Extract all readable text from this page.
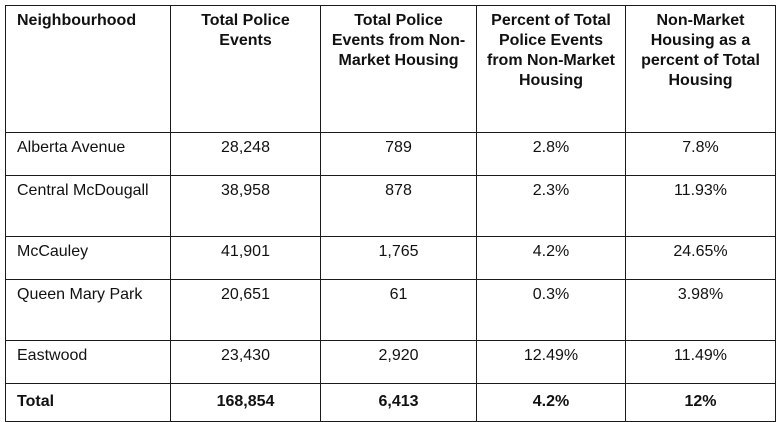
Neighbourhood	Total Police Events	Total Police Events from Non-Market Housing	Percent of Total Police Events from Non-Market Housing	Non-Market Housing as a percent of Total Housing
Alberta Avenue	28,248	789	2.8%	7.8%
Central McDougall	38,958	878	2.3%	11.93%
McCauley	41,901	1,765	4.2%	24.65%
Queen Mary Park	20,651	61	0.3%	3.98%
Eastwood	23,430	2,920	12.49%	11.49%
Total	168,854	6,413	4.2%	12%
